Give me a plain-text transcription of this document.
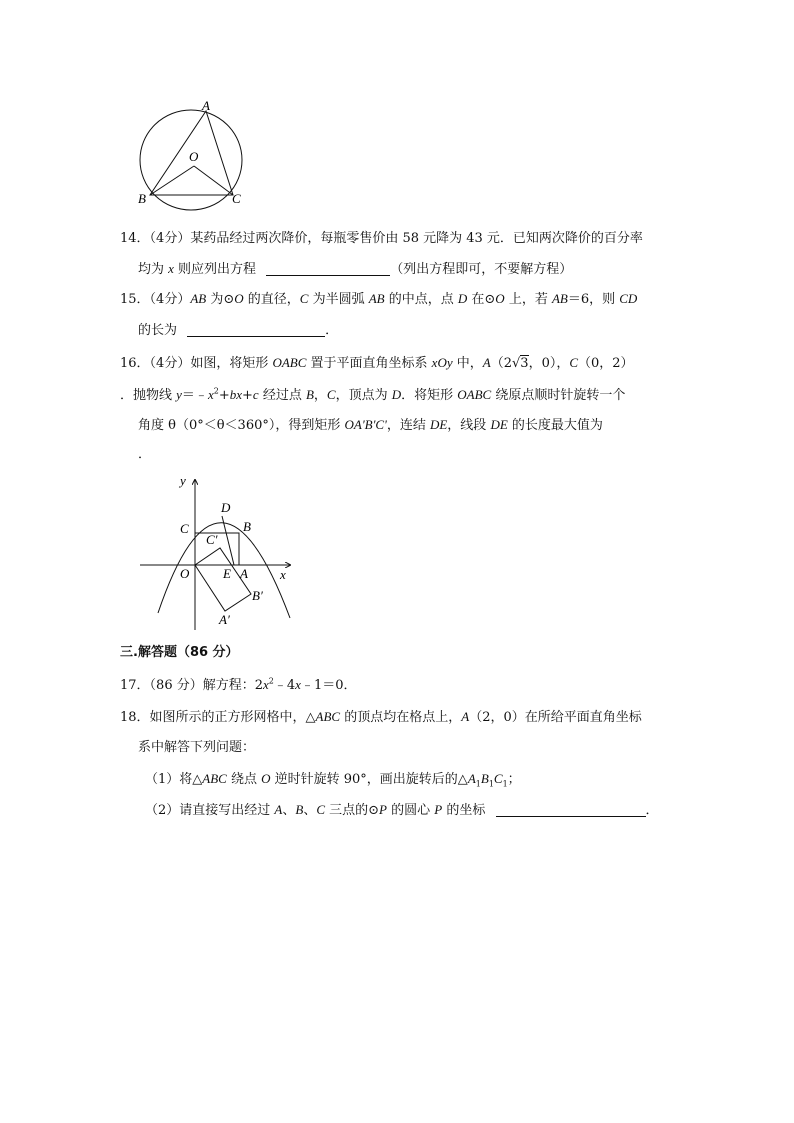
A
O
B	C
14．（4分）某药品经过两次降价，每瓶零售价由 58 元降为 43 元．已知两次降价的百分率
均为 x 则应列出方程	（列出方程即可，不要解方程）
15．（4分）AB 为⊙O 的直径，C 为半圆弧 AB 的中点，点 D 在⊙O 上，若 AB＝6，则 CD
的长为	．
16．（4分）如图，将矩形 OABC 置于平面直角坐标系 xOy 中，A（2√3，0），C（0，2）
．抛物线 $y=﹣x^2+bx+c$ 经过点 B，C，顶点为 D．将矩形 OABC 绕原点顺时针旋转一个
角度 θ（0°＜θ＜360°），得到矩形 OA'B'C'，连结 DE，线段 DE 的长度最大值为
．
y
x
D
C	B
C′
O	E A
B′
A′
三.解答题（86 分）
17．（86 分）解方程：$2x^2﹣4x﹣1=0$．
18．如图所示的正方形网格中，△ABC 的顶点均在格点上，A（2，0）在所给平面直角坐标
系中解答下列问题：
（1）将△ABC 绕点 O 逆时针旋转 90°，画出旋转后的$\triangle A_1B_1C_1$；
（2）请直接写出经过 A、B、C 三点的⊙P 的圆心 P 的坐标	．
